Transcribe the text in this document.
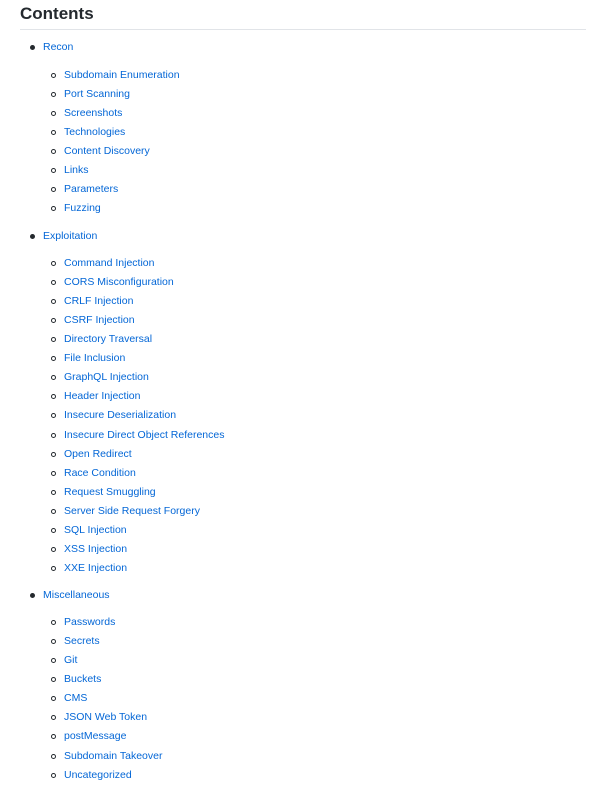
Contents
Recon
Subdomain Enumeration
Port Scanning
Screenshots
Technologies
Content Discovery
Links
Parameters
Fuzzing
Exploitation
Command Injection
CORS Misconfiguration
CRLF Injection
CSRF Injection
Directory Traversal
File Inclusion
GraphQL Injection
Header Injection
Insecure Deserialization
Insecure Direct Object References
Open Redirect
Race Condition
Request Smuggling
Server Side Request Forgery
SQL Injection
XSS Injection
XXE Injection
Miscellaneous
Passwords
Secrets
Git
Buckets
CMS
JSON Web Token
postMessage
Subdomain Takeover
Uncategorized
